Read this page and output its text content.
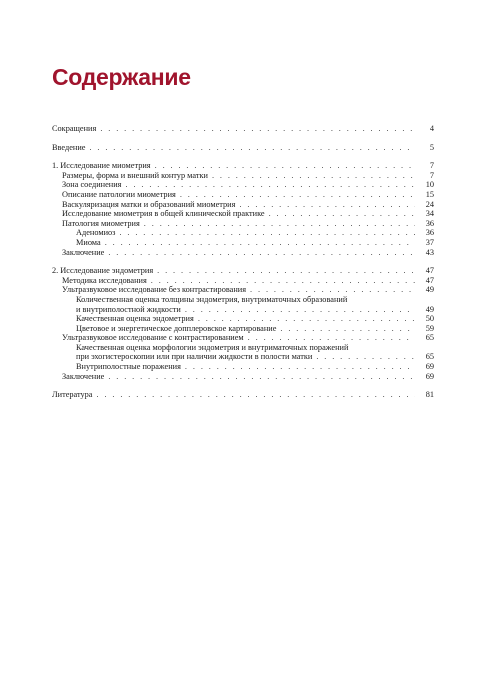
Содержание
Сокращения . . .	4
Введение . . .	5
1. Исследование миометрия . . .	7
Размеры, форма и внешний контур матки . . .	7
Зона соединения . . .	10
Описание патологии миометрия . . .	15
Васкуляризация матки и образований миометрия . . .	24
Исследование миометрия в общей клинической практике . . .	34
Патология миометрия . . .	36
Аденомиоз . . .	36
Миома . . .	37
Заключение . . .	43
2. Исследование эндометрия . . .	47
Методика исследования . . .	47
Ультразвуковое исследование без контрастирования . . .	49
Количественная оценка толщины эндометрия, внутриматочных образований
и внутриполостной жидкости . . .	49
Качественная оценка эндометрия . . .	50
Цветовое и энергетическое допплеровское картирование . . .	59
Ультразвуковое исследование с контрастированием . . .	65
Качественная оценка морфологии эндометрия и внутриматочных поражений
при эхогистероскопии или при наличии жидкости в полости матки . . .	65
Внутриполостные поражения . . .	69
Заключение . . .	69
Литература . . .	81
